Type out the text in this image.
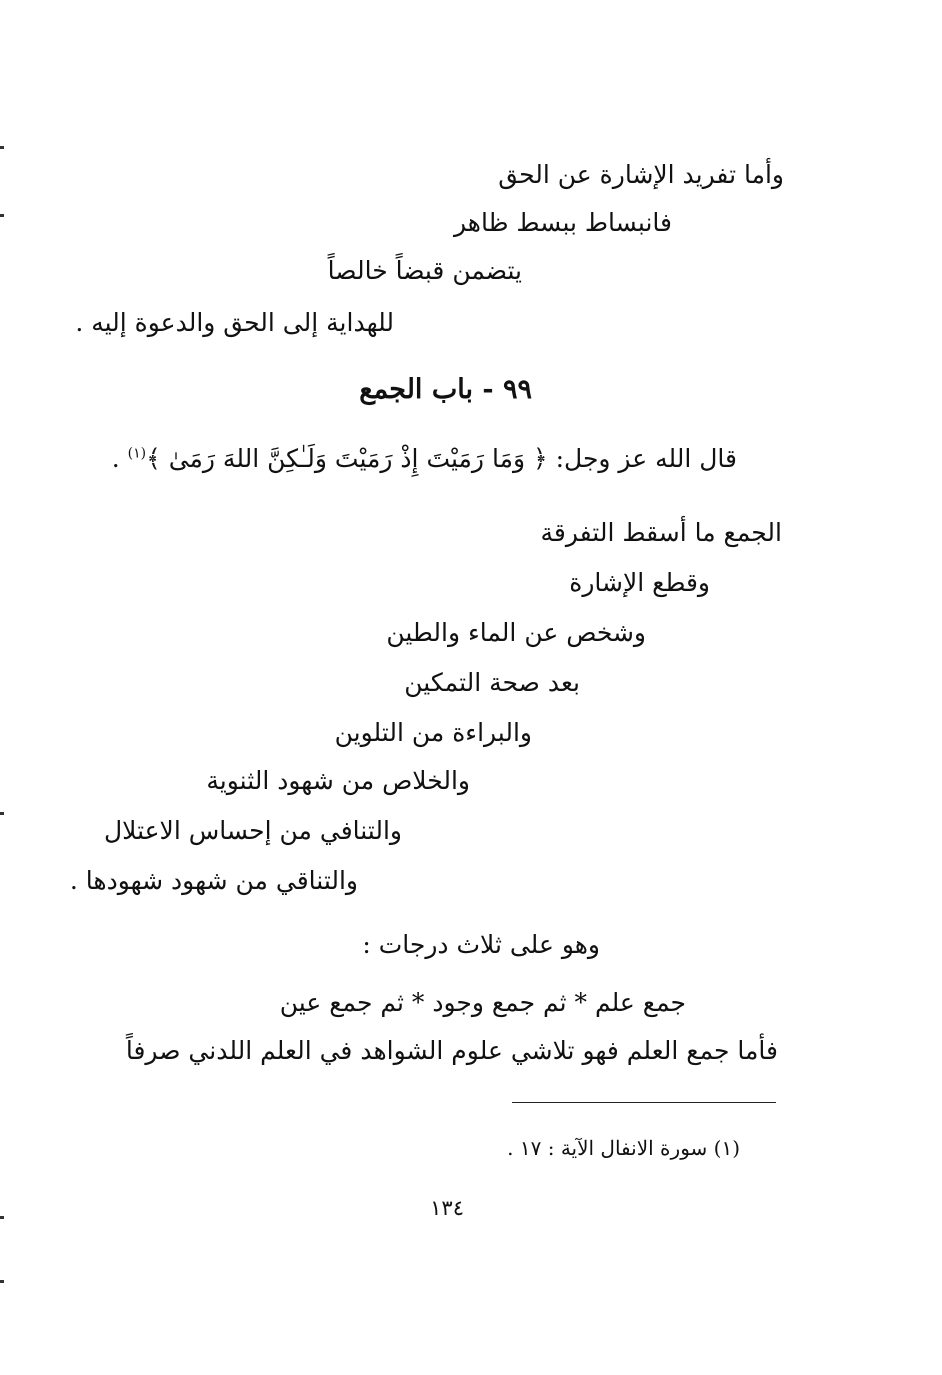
وأما تفريد الإشارة عن الحق
فانبساط ببسط ظاهر
يتضمن قبضاً خالصاً
للهداية إلى الحق والدعوة إليه .
٩٩ - باب الجمع
قال الله عز وجل: ﴿ وَمَا رَمَيْتَ إِذْ رَمَيْتَ وَلَـٰكِنَّ اللهَ رَمَىٰ ﴾$^{(١)}$ .
الجمع ما أسقط التفرقة
وقطع الإشارة
وشخص عن الماء والطين
بعد صحة التمكين
والبراءة من التلوين
والخلاص من شهود الثنوية
والتنافي من إحساس الاعتلال
والتناقي من شهود شهودها .
وهو على ثلاث درجات :
جمع علم * ثم جمع وجود * ثم جمع عين
فأما جمع العلم فهو تلاشي علوم الشواهد في العلم اللدني صرفاً
(١) سورة الانفال الآية : ١٧ .
١٣٤
